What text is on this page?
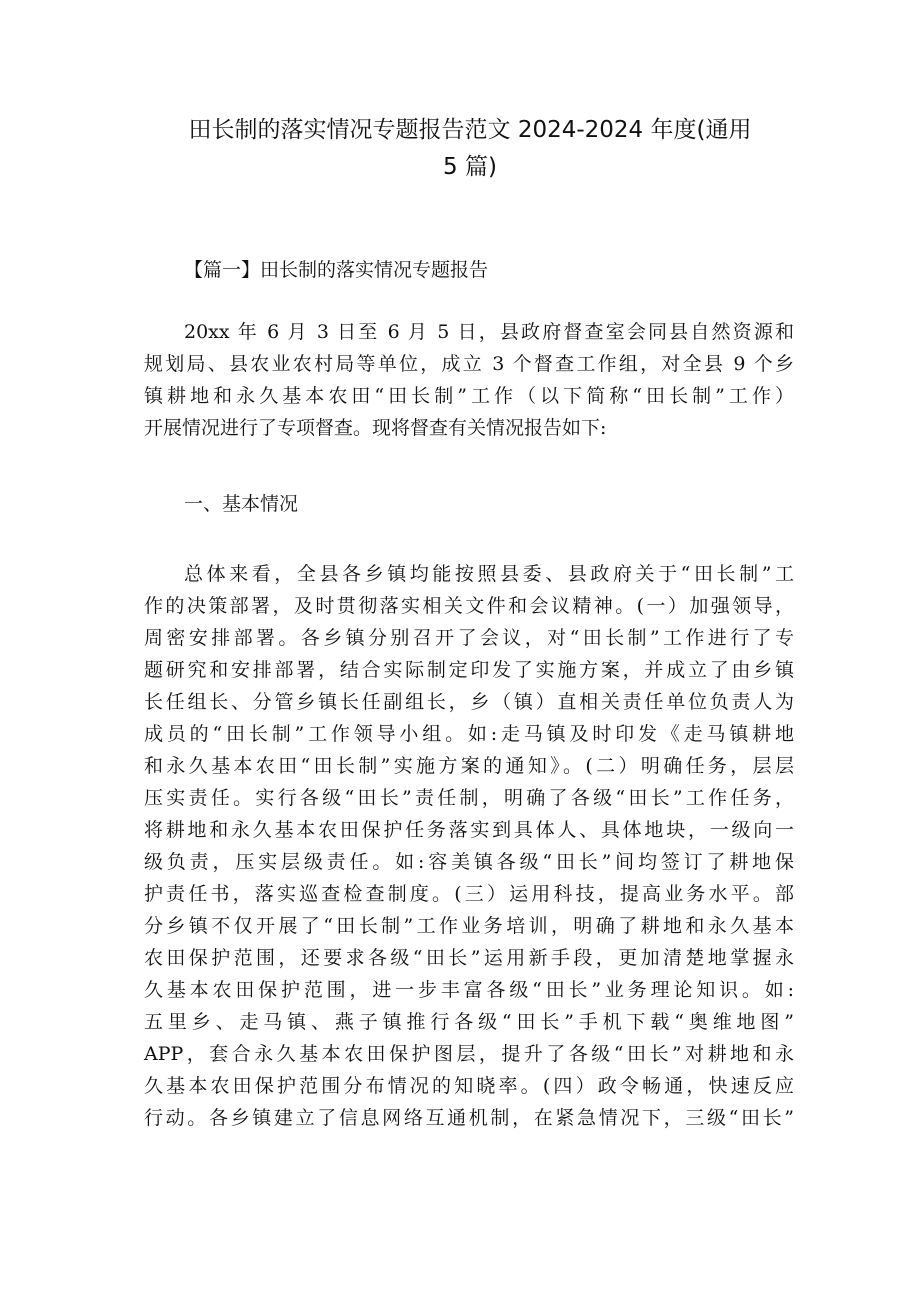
田长制的落实情况专题报告范文 2024-2024 年度(通用
5 篇)
【篇一】田长制的落实情况专题报告
20xx 年 6 月 3 日至 6 月 5 日，县政府督查室会同县自然资源和
规划局、县农业农村局等单位，成立 3 个督查工作组，对全县 9 个乡
镇耕地和永久基本农田“田长制”工作（以下简称“田长制”工作）
开展情况进行了专项督查。现将督查有关情况报告如下:
一、基本情况
总体来看，全县各乡镇均能按照县委、县政府关于“田长制”工
作的决策部署，及时贯彻落实相关文件和会议精神。(一）加强领导，
周密安排部署。各乡镇分别召开了会议，对“田长制”工作进行了专
题研究和安排部署，结合实际制定印发了实施方案，并成立了由乡镇
长任组长、分管乡镇长任副组长，乡（镇）直相关责任单位负责人为
成员的“田长制”工作领导小组。如:走马镇及时印发《走马镇耕地
和永久基本农田“田长制”实施方案的通知》。(二）明确任务，层层
压实责任。实行各级“田长”责任制，明确了各级“田长”工作任务，
将耕地和永久基本农田保护任务落实到具体人、具体地块，一级向一
级负责，压实层级责任。如:容美镇各级“田长”间均签订了耕地保
护责任书，落实巡查检查制度。(三）运用科技，提高业务水平。部
分乡镇不仅开展了“田长制”工作业务培训，明确了耕地和永久基本
农田保护范围，还要求各级“田长”运用新手段，更加清楚地掌握永
久基本农田保护范围，进一步丰富各级“田长”业务理论知识。如:
五里乡、走马镇、燕子镇推行各级“田长”手机下载“奥维地图”
APP，套合永久基本农田保护图层，提升了各级“田长”对耕地和永
久基本农田保护范围分布情况的知晓率。(四）政令畅通，快速反应
行动。各乡镇建立了信息网络互通机制，在紧急情况下，三级“田长”
